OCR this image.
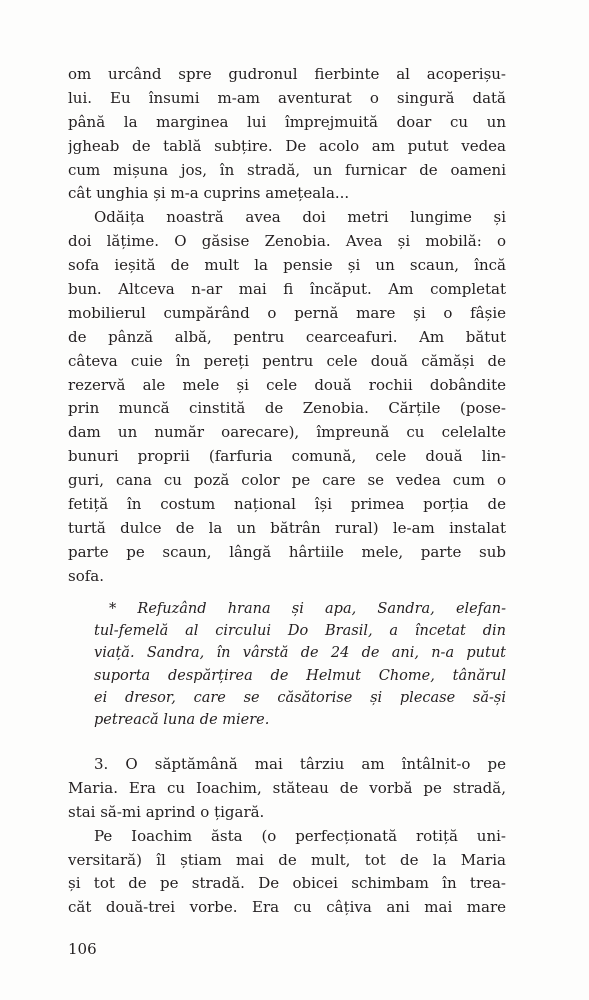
om urcând spre gudronul fierbinte al acoperișu-
lui. Eu însumi m-am aventurat o singură dată
până la marginea lui împrejmuită doar cu un
jgheab de tablă subțire. De acolo am putut vedea
cum mișuna jos, în stradă, un furnicar de oameni
cât unghia și m-a cuprins amețeala...
Odăița noastră avea doi metri lungime și
doi lățime. O găsise Zenobia. Avea și mobilă: o
sofa ieșită de mult la pensie și un scaun, încă
bun. Altceva n-ar mai fi încăput. Am completat
mobilierul cumpărând o pernă mare și o fâșie
de pânză albă, pentru cearceafuri. Am bătut
câteva cuie în pereți pentru cele două cămăși de
rezervă ale mele și cele două rochii dobândite
prin muncă cinstită de Zenobia. Cărțile (pose-
dam un număr oarecare), împreună cu celelalte
bunuri proprii (farfuria comună, cele două lin-
guri, cana cu poză color pe care se vedea cum o
fetiță în costum național își primea porția de
turtă dulce de la un bătrân rural) le-am instalat
parte pe scaun, lângă hârtiile mele, parte sub
sofa.
* Refuzând hrana și apa, Sandra, elefan-
tul-femelă al circului Do Brasil, a încetat din
viață. Sandra, în vârstă de 24 de ani, n-a putut
suporta despărțirea de Helmut Chome, tânărul
ei dresor, care se căsătorise și plecase să-și
petreacă luna de miere.
3. O săptămână mai târziu am întâlnit-o pe
Maria. Era cu Ioachim, stăteau de vorbă pe stradă,
stai să-mi aprind o țigară.
Pe Ioachim ăsta (o perfecționată rotiță uni-
versitară) îl știam mai de mult, tot de la Maria
și tot de pe stradă. De obicei schimbam în trea-
căt două-trei vorbe. Era cu câțiva ani mai mare
106
